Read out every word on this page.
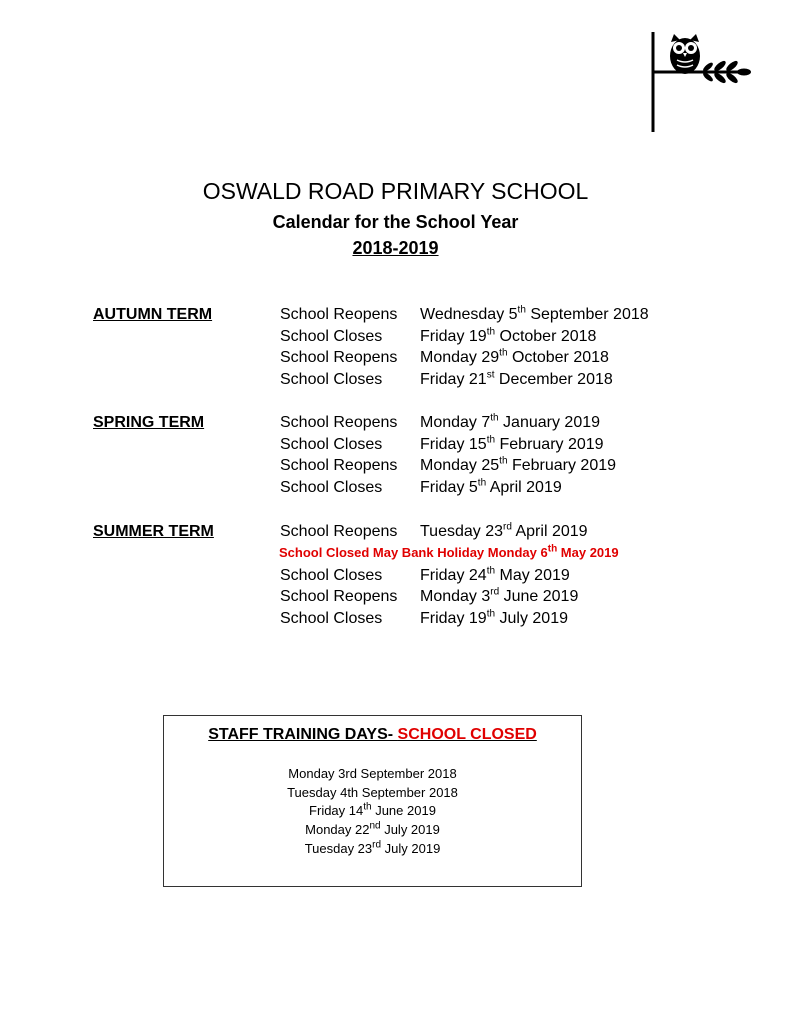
OSWALD ROAD PRIMARY SCHOOL
Calendar for the School Year
2018-2019
AUTUMN TERM	School Reopens Wednesday 5th September 2018
School Closes Friday 19th October 2018
School Reopens Monday 29th October 2018
School Closes Friday 21st December 2018
SPRING TERM	School Reopens Monday 7th January 2019
School Closes Friday 15th February 2019
School Reopens Monday 25th February 2019
School Closes Friday 5th April 2019
SUMMER TERM	School Reopens Tuesday 23rd April 2019
School Closes Friday 24th May 2019
School Reopens Monday 3rd June 2019
School Closes Friday 19th July 2019
School Closed May Bank Holiday Monday 6th May 2019
STAFF TRAINING DAYS- SCHOOL CLOSED
Monday 3rd September 2018
Tuesday 4th September 2018
Friday 14th June 2019
Monday 22nd July 2019
Tuesday 23rd July 2019
